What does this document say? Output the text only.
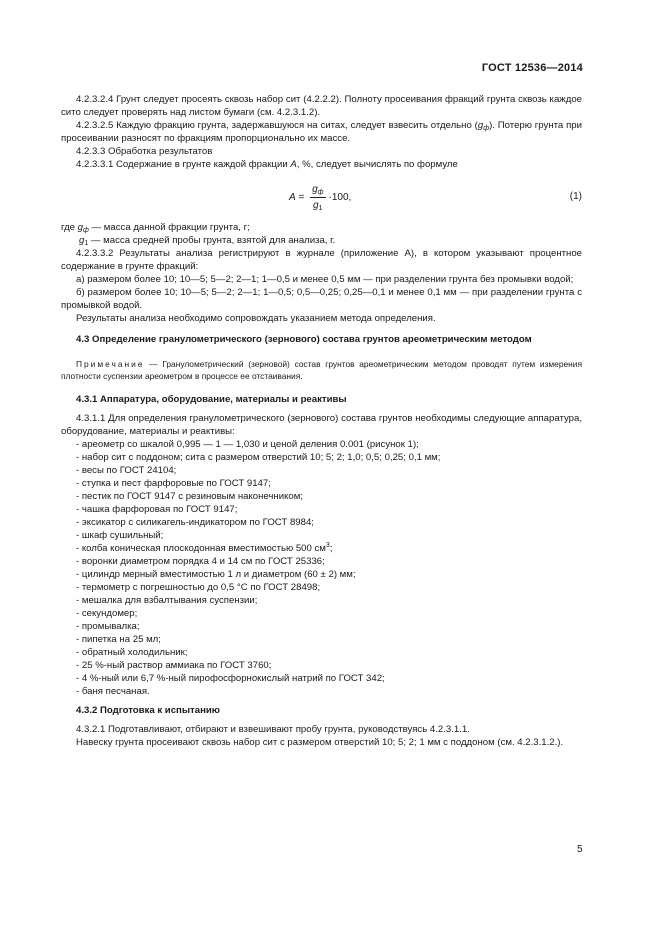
ГОСТ 12536—2014

4.2.3.2.4 Грунт следует просеять сквозь набор сит (4.2.2.2). Полноту просеивания фракций грунта сквозь каждое сито следует проверять над листом бумаги (см. 4.2.3.1.2).

4.2.3.2.5 Каждую фракцию грунта, задержавшуюся на ситах, следует взвесить отдельно $(g_ф)$. Потерю грунта при просеивании разносят по фракциям пропорционально их массе.

4.2.3.3 Обработка результатов

4.2.3.3.1 Содержание в грунте каждой фракции A, %, следует вычислять по формуле

$A = \frac{g_ф}{g_1} \cdot 100$,	(1)

где $g_ф$ — масса данной фракции грунта, г;

$g_1$ — масса средней пробы грунта, взятой для анализа, г.

4.2.3.3.2 Результаты анализа регистрируют в журнале (приложение А), в котором указывают процентное содержание в грунте фракций:

а) размером более 10; 10—5; 5—2; 2—1; 1—0,5 и менее 0,5 мм — при разделении грунта без промывки водой;

б) размером более 10; 10—5; 5—2; 2—1; 1—0,5; 0,5—0,25; 0,25—0,1 и менее 0,1 мм — при разделении грунта с промывкой водой.

Результаты анализа необходимо сопровождать указанием метода определения.

4.3 Определение гранулометрического (зернового) состава грунтов ареометрическим методом

Примечание — Гранулометрический (зерновой) состав грунтов ареометрическим методом проводят путем измерения плотности суспензии ареометром в процессе ее отстаивания.

4.3.1 Аппаратура, оборудование, материалы и реактивы

4.3.1.1 Для определения гранулометрического (зернового) состава грунтов необходимы следующие аппаратура, оборудование, материалы и реактивы:

- ареометр со шкалой 0,995 — 1 — 1,030 и ценой деления 0.001 (рисунок 1);

- набор сит с поддоном; сита с размером отверстий 10; 5; 2; 1,0; 0,5; 0,25; 0,1 мм;

- весы по ГОСТ 24104;

- ступка и пест фарфоровые по ГОСТ 9147;

- пестик по ГОСТ 9147 с резиновым наконечником;

- чашка фарфоровая по ГОСТ 9147;

- эксикатор с силикагель-индикатором по ГОСТ 8984;

- шкаф сушильный;

- колба коническая плоскодонная вместимостью 500 $см^3$;

- воронки диаметром порядка 4 и 14 см по ГОСТ 25336;

- цилиндр мерный вместимостью 1 л и диаметром (60 ± 2) мм;

- термометр с погрешностью до 0,5 °С по ГОСТ 28498;

- мешалка для взбалтывания суспензии;

- секундомер;

- промывалка;

- пипетка на 25 мл;

- обратный холодильник;

- 25 %-ный раствор аммиака по ГОСТ 3760;

- 4 %-ный или 6,7 %-ный пирофосфорнокислый натрий по ГОСТ 342;

- баня песчаная.

4.3.2 Подготовка к испытанию

4.3.2.1 Подготавливают, отбирают и взвешивают пробу грунта, руководствуясь 4.2.3.1.1.

Навеску грунта просеивают сквозь набор сит с размером отверстий 10; 5; 2; 1 мм с поддоном (см. 4.2.3.1.2.).

5
